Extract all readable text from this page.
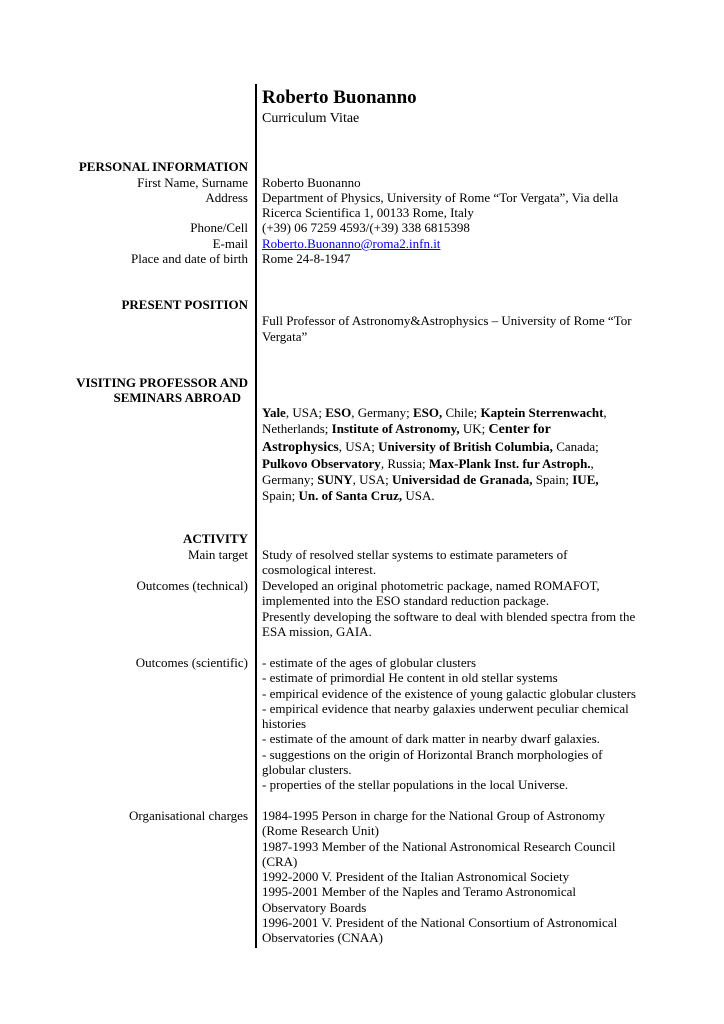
Roberto Buonanno
Curriculum Vitae
PERSONAL INFORMATION
First Name, Surname Roberto Buonanno
Address Department of Physics, University of Rome “Tor Vergata”, Via della
Ricerca Scientifica 1, 00133 Rome, Italy
Phone/Cell (+39) 06 7259 4593/(+39) 338 6815398
E-mail Roberto.Buonanno@roma2.infn.it
Place and date of birth Rome 24-8-1947
PRESENT POSITION
Full Professor of Astronomy&Astrophysics – University of Rome “Tor
Vergata”
VISITING PROFESSOR AND
SEMINARS ABROAD
Yale, USA; ESO, Germany; ESO, Chile; Kaptein Sterrenwacht, Netherlands; Institute of Astronomy, UK; Center for Astrophysics, USA; University of British Columbia, Canada; Pulkovo Observatory, Russia; Max-Plank Inst. fur Astroph., Germany; SUNY, USA; Universidad de Granada, Spain; IUE, Spain; Un. of Santa Cruz, USA.
ACTIVITY
Main target Study of resolved stellar systems to estimate parameters of
cosmological interest.
Outcomes (technical) Developed an original photometric package, named ROMAFOT,
implemented into the ESO standard reduction package.
Presently developing the software to deal with blended spectra from the
ESA mission, GAIA.
Outcomes (scientific) - estimate of the ages of globular clusters
- estimate of primordial He content in old stellar systems
- empirical evidence of the existence of young galactic globular clusters
- empirical evidence that nearby galaxies underwent peculiar chemical
histories
- estimate of the amount of dark matter in nearby dwarf galaxies.
- suggestions on the origin of Horizontal Branch morphologies of
globular clusters.
- properties of the stellar populations in the local Universe.
Organisational charges 1984-1995 Person in charge for the National Group of Astronomy
(Rome Research Unit)
1987-1993 Member of the National Astronomical Research Council
(CRA)
1992-2000 V. President of the Italian Astronomical Society
1995-2001 Member of the Naples and Teramo Astronomical
Observatory Boards
1996-2001 V. President of the National Consortium of Astronomical
Observatories (CNAA)
